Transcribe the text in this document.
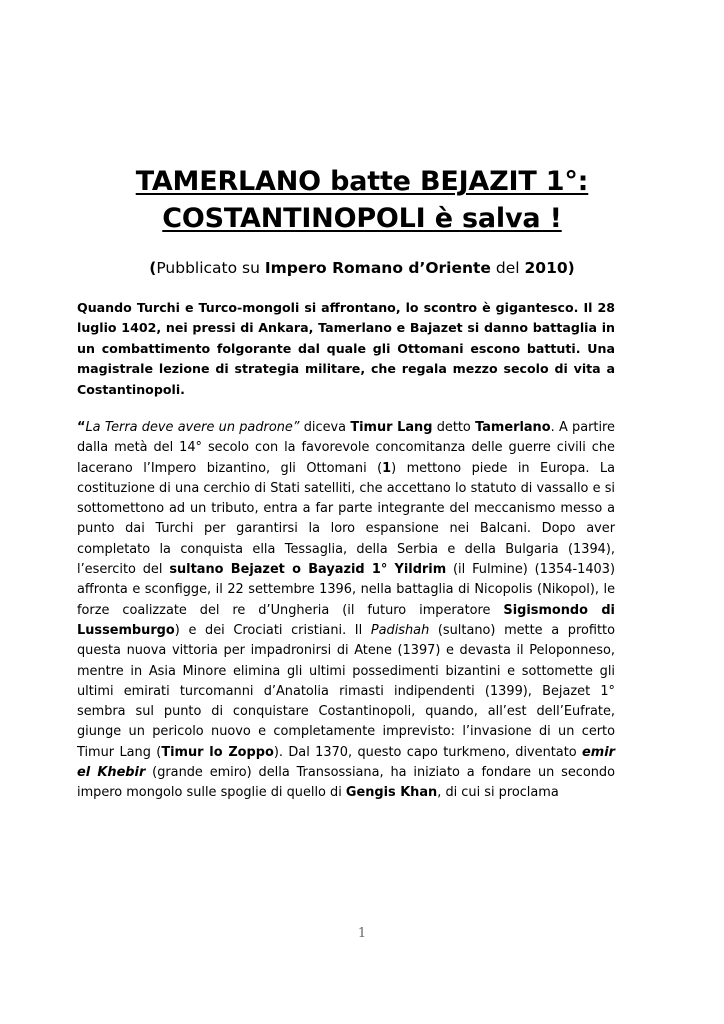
TAMERLANO batte BEJAZIT 1°:
COSTANTINOPOLI è salva !
(Pubblicato su Impero Romano d’Oriente del 2010)
Quando Turchi e Turco-mongoli si affrontano, lo scontro è gigantesco. Il 28 luglio 1402, nei pressi di Ankara, Tamerlano e Bajazet si danno battaglia in un combattimento folgorante dal quale gli Ottomani escono battuti. Una magistrale lezione di strategia militare, che regala mezzo secolo di vita a Costantinopoli.
“La Terra deve avere un padrone” diceva Timur Lang detto Tamerlano. A partire dalla metà del 14° secolo con la favorevole concomitanza delle guerre civili che lacerano l’Impero bizantino, gli Ottomani (1) mettono piede in Europa. La costituzione di una cerchio di Stati satelliti, che accettano lo statuto di vassallo e si sottomettono ad un tributo, entra a far parte integrante del meccanismo messo a punto dai Turchi per garantirsi la loro espansione nei Balcani. Dopo aver completato la conquista ella Tessaglia, della Serbia e della Bulgaria (1394), l’esercito del sultano Bejazet o Bayazid 1° Yildrim (il Fulmine) (1354-1403) affronta e sconfigge, il 22 settembre 1396, nella battaglia di Nicopolis (Nikopol), le forze coalizzate del re d’Ungheria (il futuro imperatore Sigismondo di Lussemburgo) e dei Crociati cristiani. Il Padishah (sultano) mette a profitto questa nuova vittoria per impadronirsi di Atene (1397) e devasta il Peloponneso, mentre in Asia Minore elimina gli ultimi possedimenti bizantini e sottomette gli ultimi emirati turcomanni d’Anatolia rimasti indipendenti (1399), Bejazet 1° sembra sul punto di conquistare Costantinopoli, quando, all’est dell’Eufrate, giunge un pericolo nuovo e completamente imprevisto: l’invasione di un certo Timur Lang (Timur lo Zoppo). Dal 1370, questo capo turkmeno, diventato emir el Khebir (grande emiro) della Transossiana, ha iniziato a fondare un secondo impero mongolo sulle spoglie di quello di Gengis Khan, di cui si proclama
1
